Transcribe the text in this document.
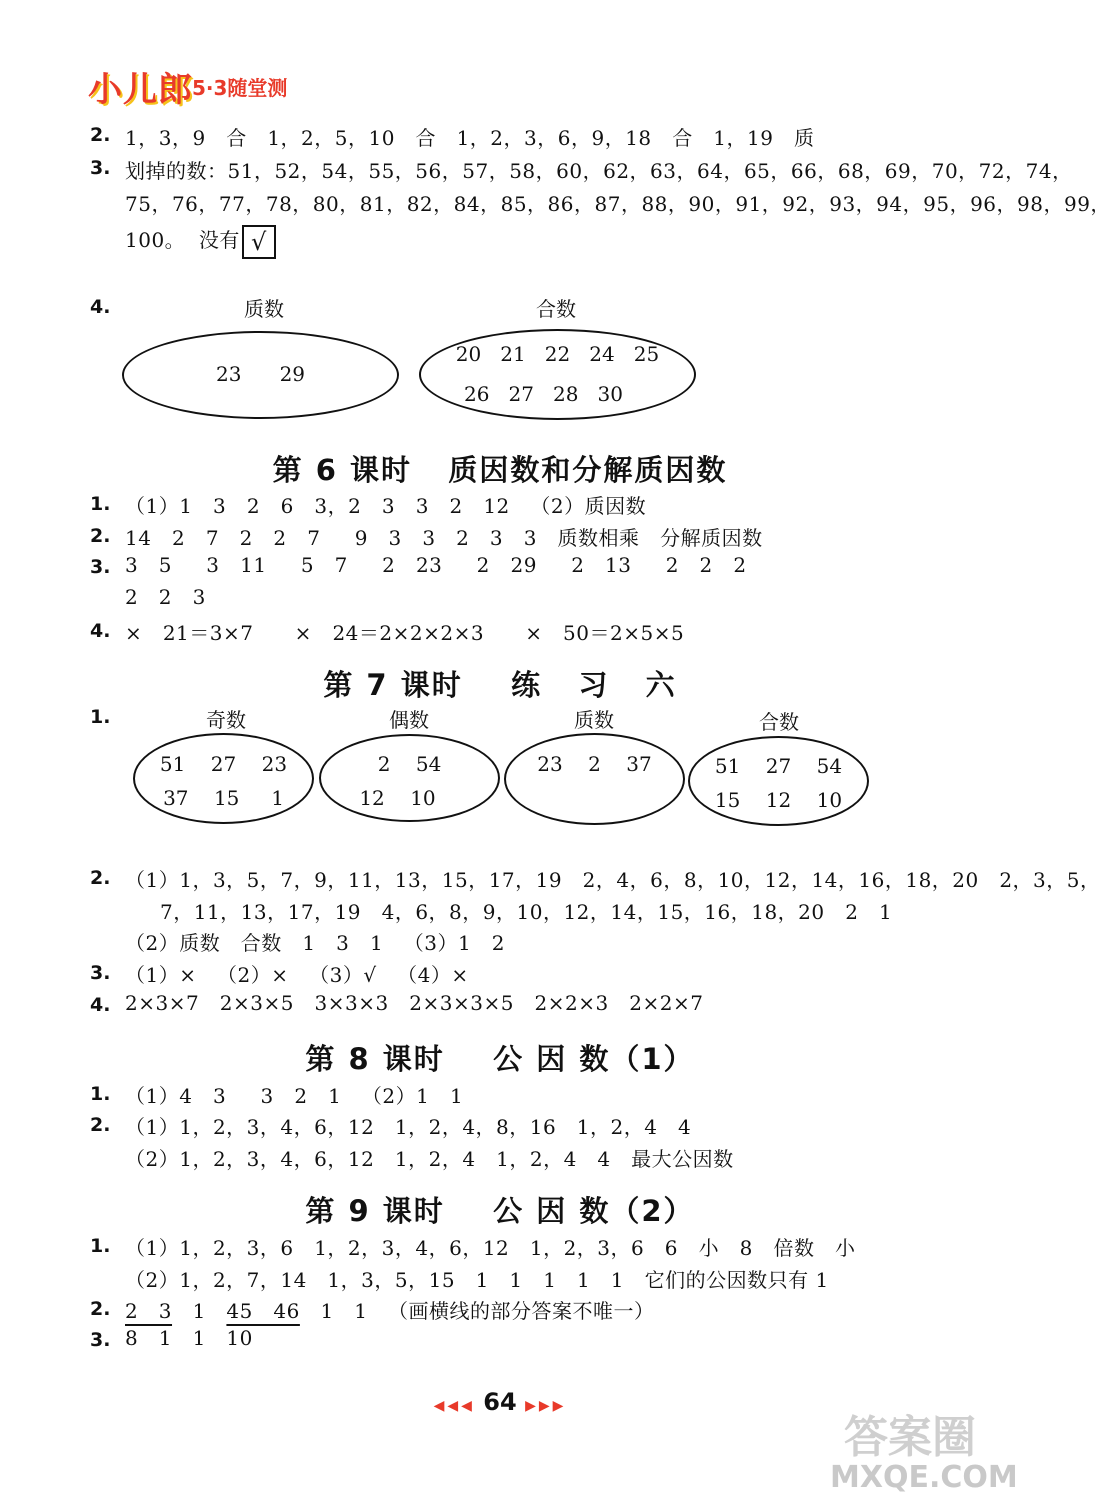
小儿郎 5·3随堂测
2. 1，3，9   合   1，2，5，10   合   1，2，3，6，9，18   合   1，19   质
3. 划掉的数：51，52，54，55，56，57，58，60，62，63，64，65，66，68，69，70，72，74，
75，76，77，78，80，81，82，84，85，86，87，88，90，91，92，93，94，95，96，98，99，
100。  没有 √
4.	质数
23      29
合数
20   21   22   24   25
26   27   28   30
第 6 课时   质因数和分解质因数
1. （1）1   3   2   6   3，2   3   3   2   12   （2）质因数
2. 14   2   7   2   2   7     9   3   3   2   3   3   质数相乘   分解质因数
3. 3   5     3   11     5   7     2   23     2   29     2   13     2   2   2
2   2   3
4. ×   21＝3×7      ×   24＝2×2×2×3      ×   50＝2×5×5
第 7 课时    练   习   六
1.	奇数
51    27    23
37    15     1
偶数
2    54
12    10
质数
23    2    37
合数
51    27    54
15    12    10
2. （1）1，3，5，7，9，11，13，15，17，19   2，4，6，8，10，12，14，16，18，20   2，3，5，
7，11，13，17，19   4，6，8，9，10，12，14，15，16，18，20   2   1
（2）质数   合数   1   3   1   （3）1   2
3. （1）×   （2）×   （3）√   （4）×
4. 2×3×7   2×3×5   3×3×3   2×3×3×5   2×2×3   2×2×7
第 8 课时    公 因 数（1）
1. （1）4   3     3   2   1   （2）1   1
2. （1）1，2，3，4，6，12   1，2，4，8，16   1，2，4   4
（2）1，2，3，4，6，12   1，2，4   1，2，4   4   最大公因数
第 9 课时    公 因 数（2）
1. （1）1，2，3，6   1，2，3，4，6，12   1，2，3，6   6   小   8   倍数   小
（2）1，2，7，14   1，3，5，15   1   1   1   1   1   它们的公因数只有 1
2. 2   3   1   45   46   1   1   （画横线的部分答案不唯一）
3. 8   1   1   10
◀◀◀ 64 ▶▶▶
答案圈
MXQE.COM
